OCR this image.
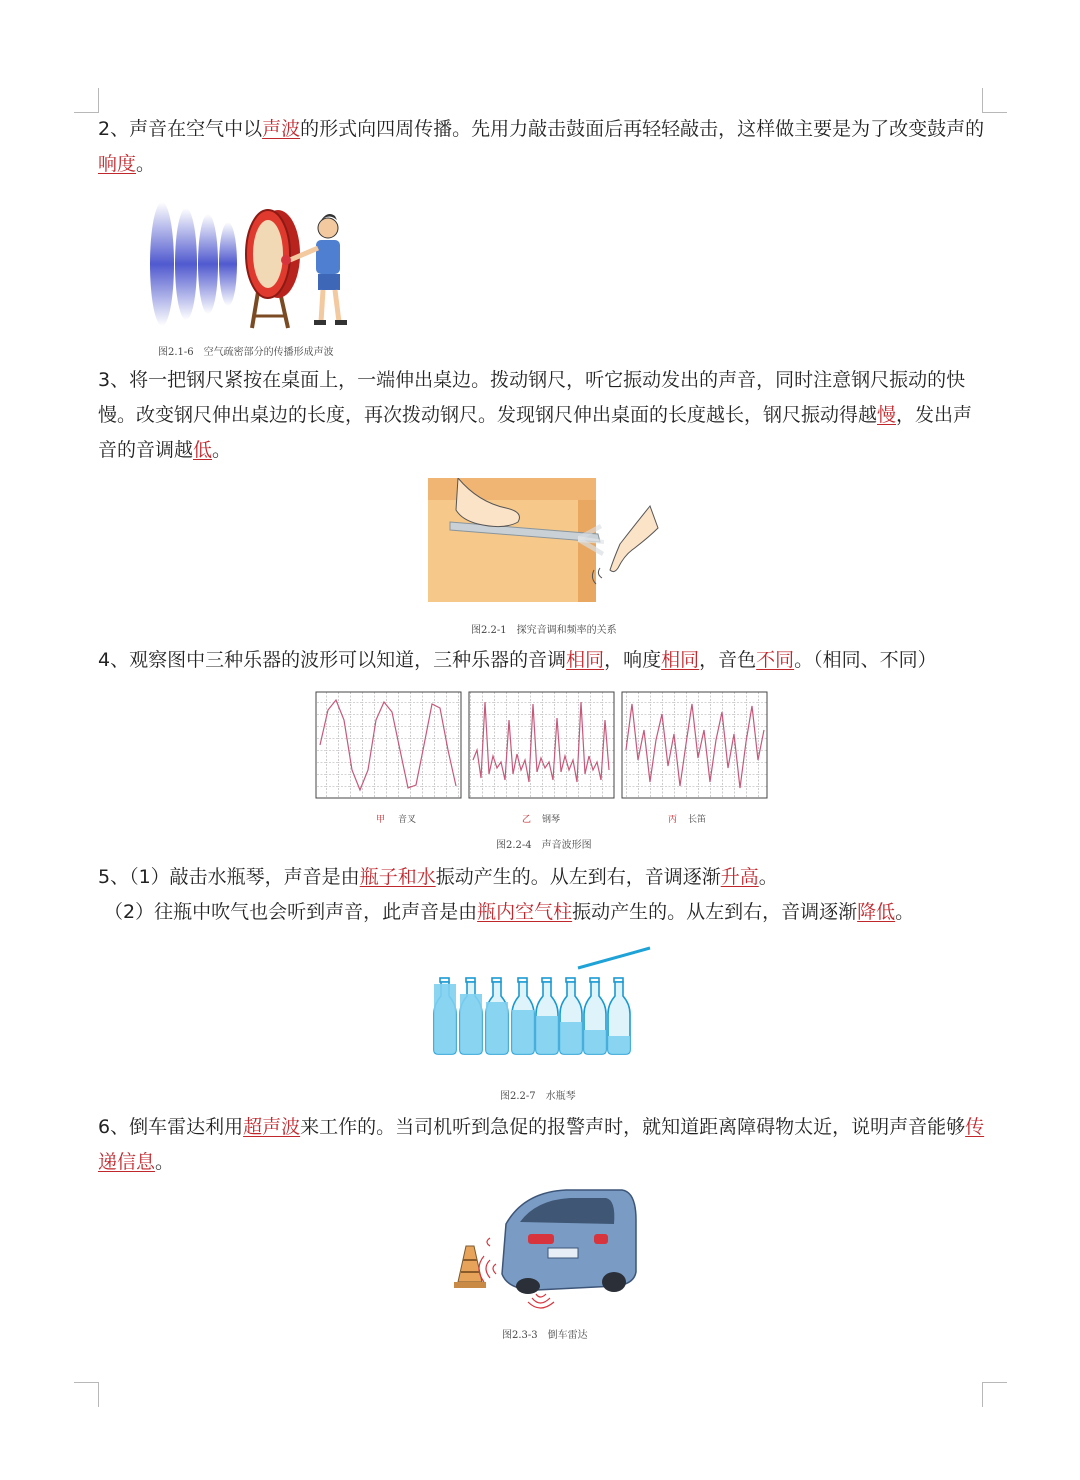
2、声音在空气中以声波的形式向四周传播。先用力敲击鼓面后再轻轻敲击，这样做主要是为了改变鼓声的响度。
图2.1-6　空气疏密部分的传播形成声波
3、将一把钢尺紧按在桌面上，一端伸出桌边。拨动钢尺，听它振动发出的声音，同时注意钢尺振动的快慢。改变钢尺伸出桌边的长度，再次拨动钢尺。发现钢尺伸出桌面的长度越长，钢尺振动得越慢，发出声音的音调越低。
图2.2-1　探究音调和频率的关系
4、观察图中三种乐器的波形可以知道，三种乐器的音调相同，响度相同，音色不同。（相同、不同）
甲 音叉	乙 钢琴	丙 长笛
图2.2-4　声音波形图
5、（1）敲击水瓶琴，声音是由瓶子和水振动产生的。从左到右，音调逐渐升高。
（2）往瓶中吹气也会听到声音，此声音是由瓶内空气柱振动产生的。从左到右，音调逐渐降低。
图2.2-7　水瓶琴
6、倒车雷达利用超声波来工作的。当司机听到急促的报警声时，就知道距离障碍物太近，说明声音能够传递信息。
图2.3-3　倒车雷达
